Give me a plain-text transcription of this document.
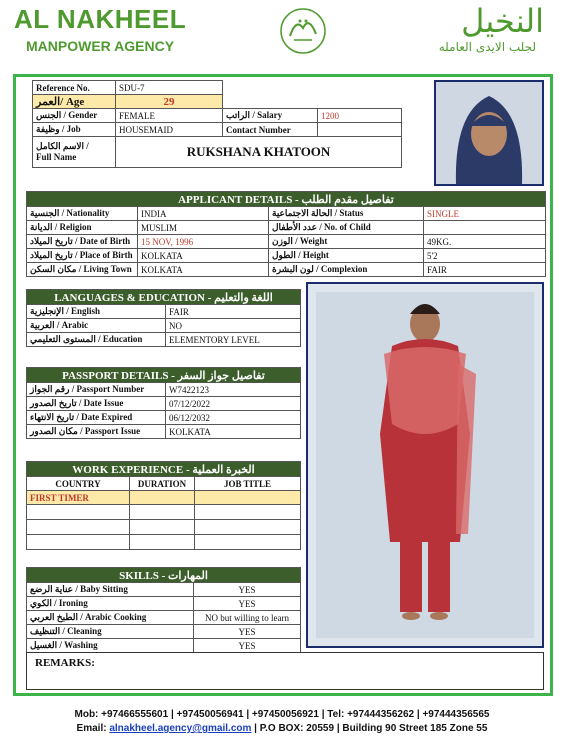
AL NAKHEEL
MANPOWER AGENCY
النخيل
لجلب الايدى العامله
Reference No.	SDU-7		
العمر/ Age	29		
الجنس / Gender	FEMALE	الراتب / Salary	1200
وظيفة / Job	HOUSEMAID	Contact Number	
الاسم الكامل /
Full Name	RUKSHANA KHATOON		
APPLICANT DETAILS - تفاصيل مقدم الطلب			
الجنسية / Nationality	INDIA	الحالة الاجتماعية / Status	SINGLE
الديانة / Religion	MUSLIM	عدد الأطفال / No. of Child	
تاريخ الميلاد / Date of Birth	15 NOV, 1996	الوزن / Weight	49KG.
تاريخ الميلاد / Place of Birth	KOLKATA	الطول / Height	5'2
مكان السكن / Living Town	KOLKATA	لون البشرة / Complexion	FAIR
LANGUAGES & EDUCATION - اللغة والتعليم	
الإنجليزية / English	FAIR
العربية / Arabic	NO
المستوى التعليمي / Education	ELEMENTORY LEVEL
PASSPORT DETAILS - تفاصيل جواز السفر	
رقم الجواز / Passport Number	W7422123
تاريخ الصدور / Date Issue	07/12/2022
تاريخ الانتهاء / Date Expired	06/12/2032
مكان الصدور / Passport Issue	KOLKATA
WORK EXPERIENCE - الخبرة العملية		
COUNTRY	DURATION	JOB TITLE
FIRST TIMER		

SKILLS - المهارات	
عناية الرضع / Baby Sitting	YES
الكوي / Ironing	YES
الطبخ العربي / Arabic Cooking	NO but willing to learn
التنظيف / Cleaning	YES
الغسيل / Washing	YES
REMARKS:
Mob: +97466555601 | +97450056941 | +97450056921 | Tel: +97444356262 | +97444356565
Email: alnakheel.agency@gmail.com | P.O BOX: 20559 | Building 90 Street 185 Zone 55
